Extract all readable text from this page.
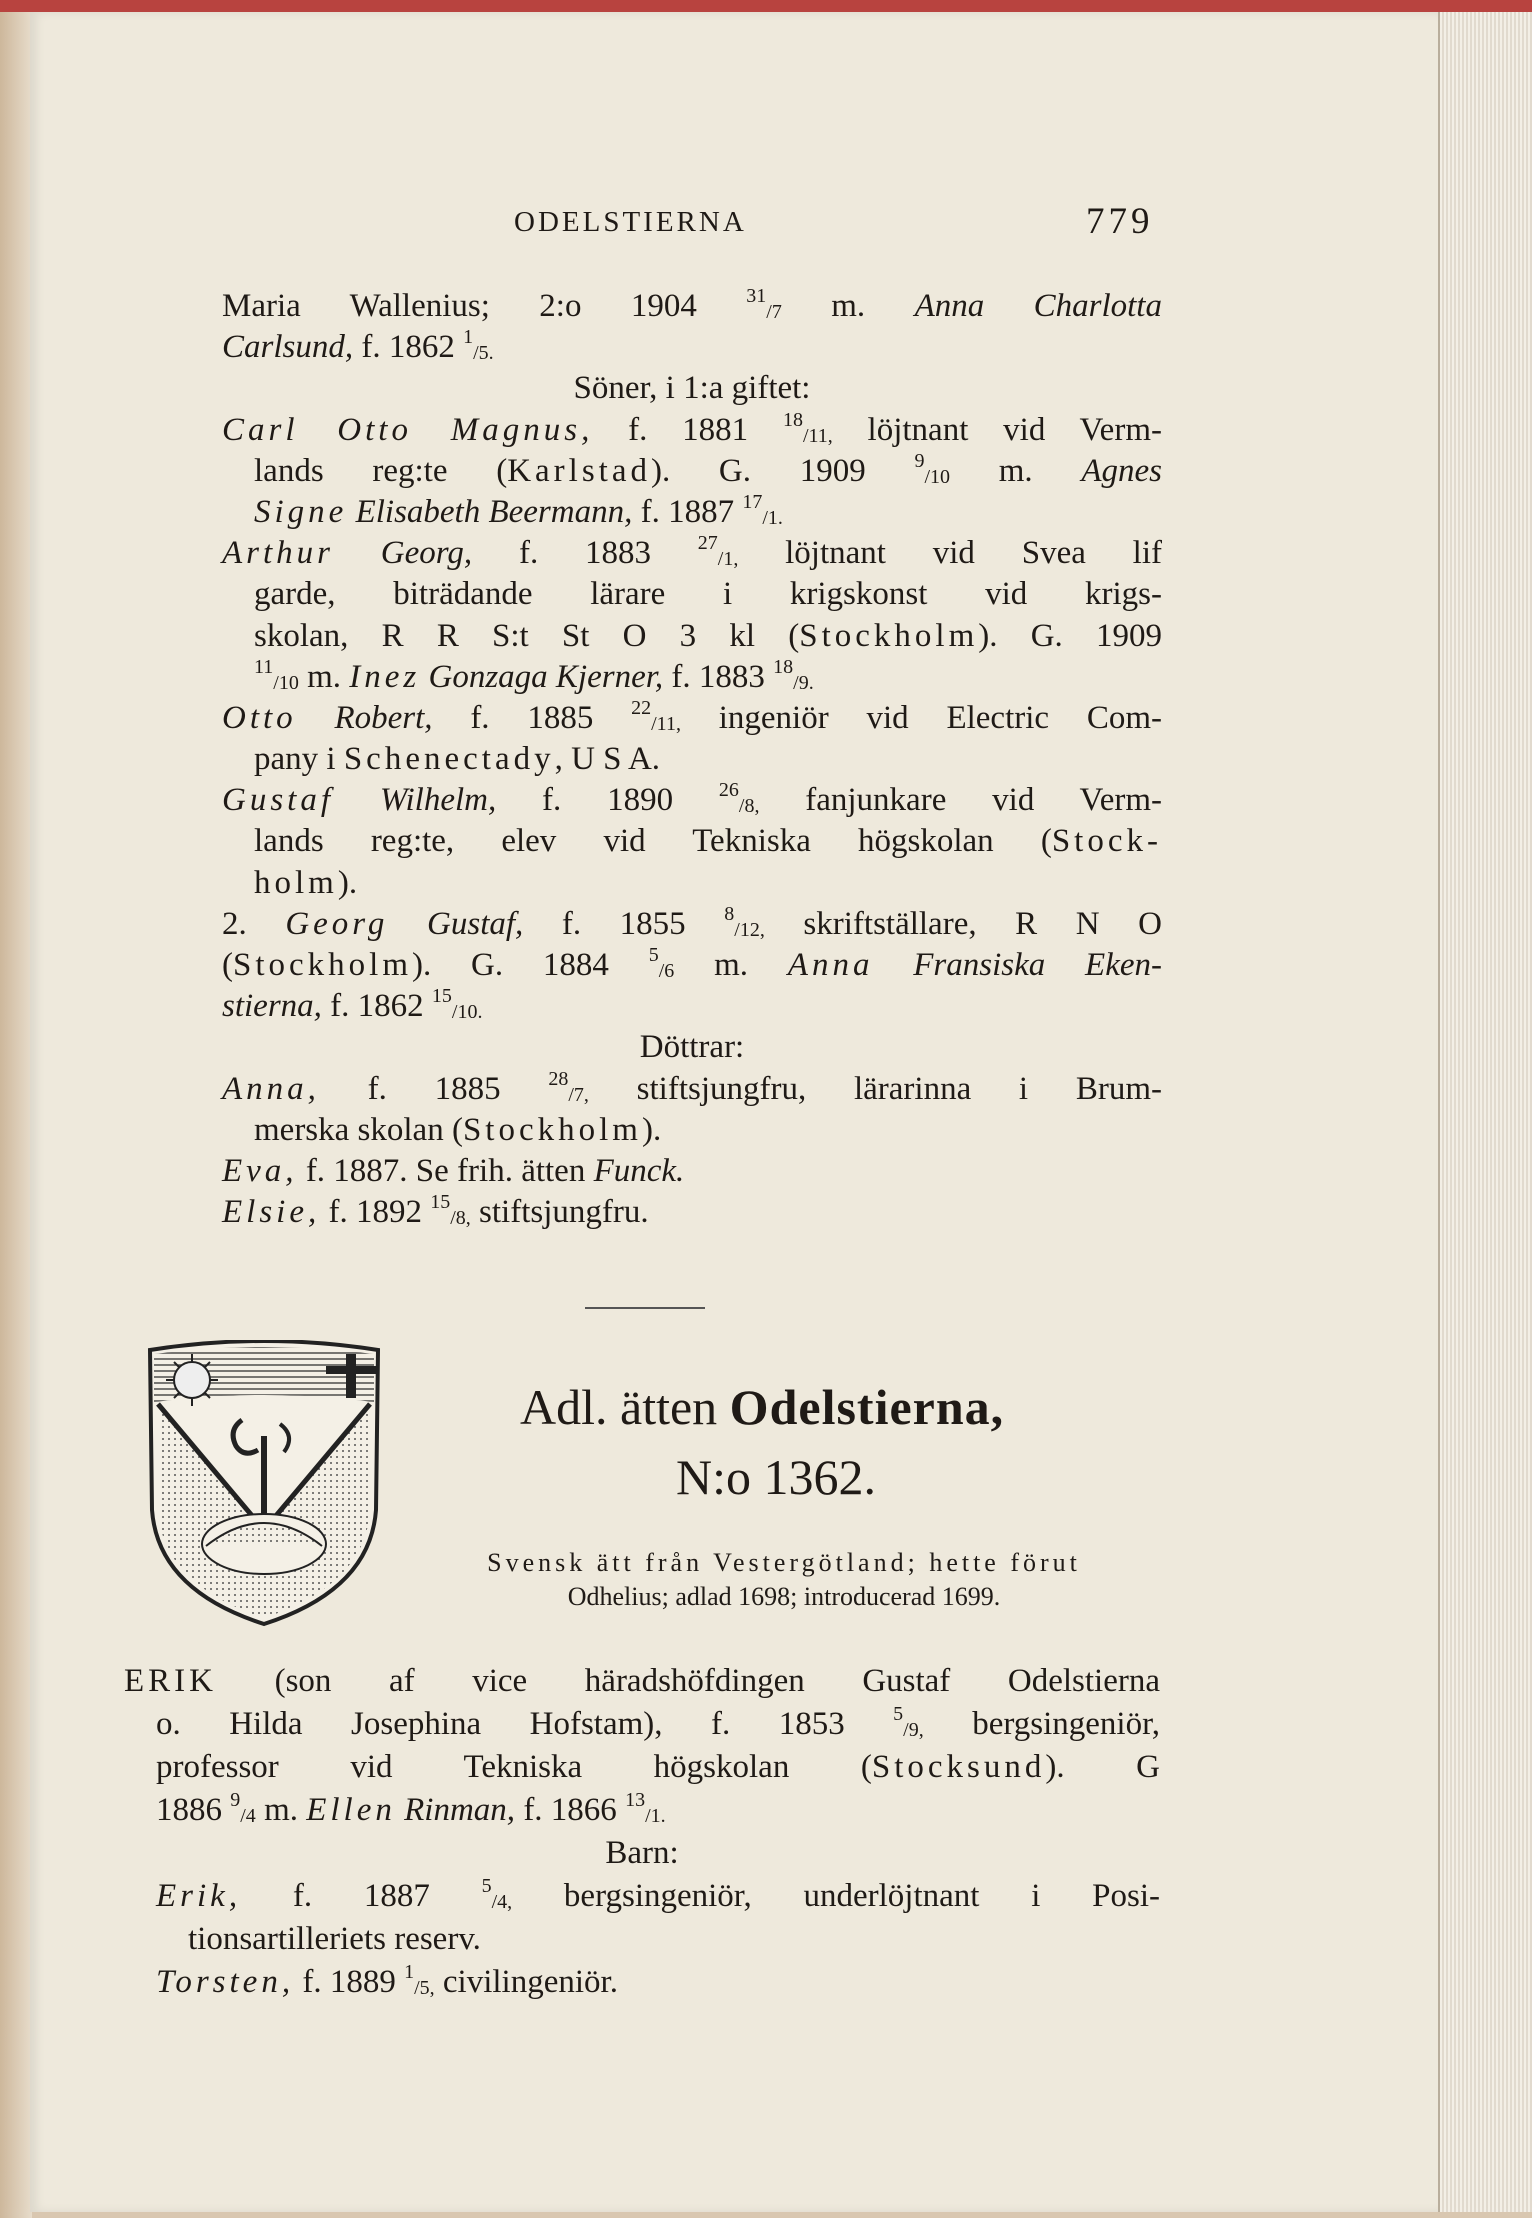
ODELSTIERNA	779
Maria Wallenius; 2:o 1904 $^{31}_{/7}$ m. Anna Charlotta
Carlsund, f. 1862 $^1_{/5.}$
Söner, i 1:a giftet:
Carl Otto Magnus, f. 1881 $^{18}_{/11,}$ löjtnant vid Verm-
lands reg:te (Karlstad). G. 1909 $^9_{/10}$ m. Agnes
Signe Elisabeth Beermann, f. 1887 $^{17}_{/1.}$
Arthur Georg, f. 1883 $^{27}_{/1,}$ löjtnant vid Svea lif
garde, biträdande lärare i krigskonst vid krigs-
skolan, R R S:t St O 3 kl (Stockholm). G. 1909
$^{11}_{/10}$ m. Inez Gonzaga Kjerner, f. 1883 $^{18}_{/9.}$
Otto Robert, f. 1885 $^{22}_{/11,}$ ingeniör vid Electric Com-
pany i Schenectady, U S A.
Gustaf Wilhelm, f. 1890 $^{26}_{/8,}$ fanjunkare vid Verm-
lands reg:te, elev vid Tekniska högskolan (Stock-
holm).
2. Georg Gustaf, f. 1855 $^8_{/12,}$ skriftställare, R N O
(Stockholm). G. 1884 $^5_{/6}$ m. Anna Fransiska Eken-
stierna, f. 1862 $^{15}_{/10.}$
Döttrar:
Anna, f. 1885 $^{28}_{/7,}$ stiftsjungfru, lärarinna i Brum-
merska skolan (Stockholm).
Eva, f. 1887. Se frih. ätten Funck.
Elsie, f. 1892 $^{15}_{/8,}$ stiftsjungfru.
Adl. ätten Odelstierna,
N:o 1362.
Svensk ätt från Vestergötland; hette förut
Odhelius; adlad 1698; introducerad 1699.
ERIK (son af vice häradshöfdingen Gustaf Odelstierna
o. Hilda Josephina Hofstam), f. 1853 $^5_{/9,}$ bergsingeniör,
professor vid Tekniska högskolan (Stocksund). G
1886 $^9_{/4}$ m. Ellen Rinman, f. 1866 $^{13}_{/1.}$
Barn:
Erik, f. 1887 $^5_{/4,}$ bergsingeniör, underlöjtnant i Posi-
tionsartilleriets reserv.
Torsten, f. 1889 $^1_{/5,}$ civilingeniör.
